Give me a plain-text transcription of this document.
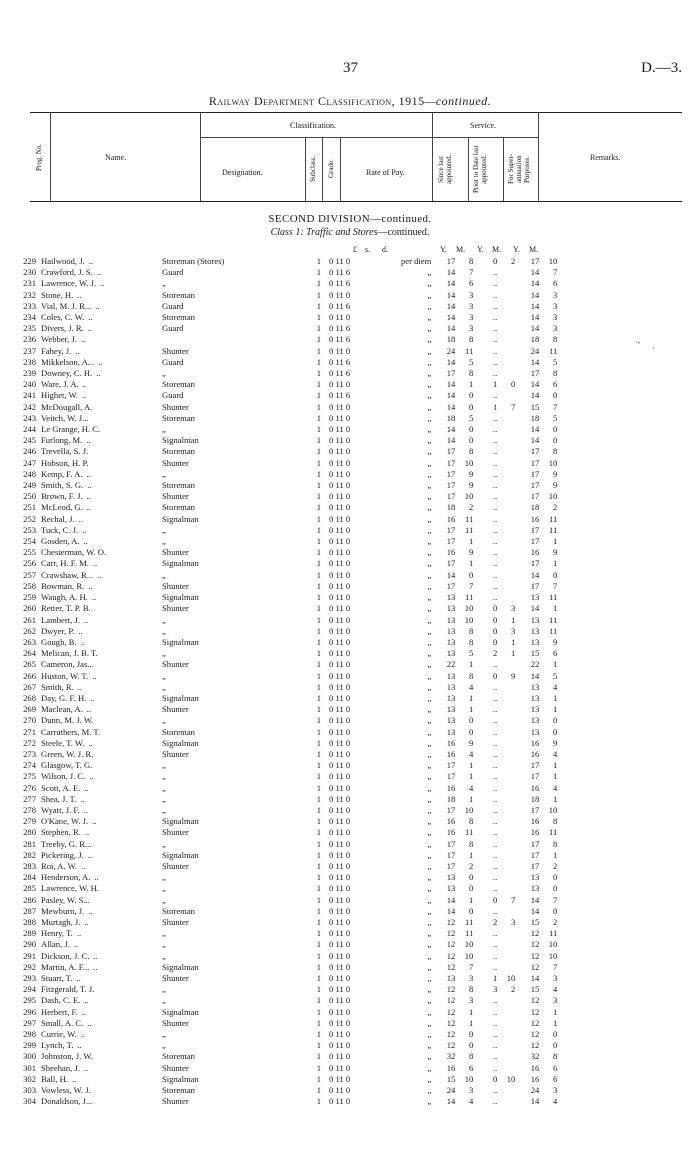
37	D.—3.
Railway Department Classification, 1915—continued.
Prog. No.	Name.
Classification.
Designation.	Subclass. Grade.	Rate of Pay.
Service.
Since last appointed.	Prior to Date last appointed.	For Super-annuation Purposes.	Remarks.
SECOND DIVISION—continued.
Class 1: Traffic and Stores—continued.
£ s. d.	Y. M. Y. M. Y. M.
229	Hailwood, J. ..	Storeman (Stores)		1	0 11 0	per diem		17	8		0	2		17	10
230	Crawford, J. S. ..	Guard		1	0 11 6	„		14	7		..			14	7
231	Lawrence, W. J. ..	„		1	0 11 6	„		14	6		..			14	6
232	Stone, H. ..	Storeman		1	0 11 0	„		14	3		..			14	3
233	Vial, M. J. R... ..	Guard		1	0 11 6	„		14	3		..			14	3
234	Coles, C. W. ..	Storeman		1	0 11 0	„		14	3		..			14	3
235	Divers, J. R. ..	Guard		1	0 11 6	„		14	3		..			14	3
236	Webber, J. ..			1	0 11 6	„		18	8		..			18	8
237	Fahey, J. ..	Shunter		1	0 11 0	„		24	11		..			24	11
238	Mikkelson, A... ..	Guard		1	0 11 6	„		14	5		..			14	5
239	Downey, C. H. ..	„		1	0 11 6	„		17	8		..			17	8
240	Ware, J. A. ..	Storeman		1	0 11 0	„		14	1		1	0		14	6
241	Highet, W. ..	Guard		1	0 11 6	„		14	0		..			14	0
242	McDougall, A.	Shunter		1	0 11 0	„		14	0		1	7		15	7
243	Veitch, W. J...	Storeman		1	0 11 0	„		18	5		..			18	5
244	Le Grange, H. C.	„		1	0 11 0	„		14	0		..			14	0
245	Furlong, M. ..	Signalman		1	0 11 0	„		14	0		..			14	0
246	Trevella, S. J.	Storeman		1	0 11 0	„		17	8		..			17	8
247	Hobson, H. P.	Shunter		1	0 11 0	„		17	10		..			17	10
248	Kemp, F. A. ..	„		1	0 11 0	„		17	9		..			17	9
249	Smith, S. G. ..	Storeman		1	0 11 0	„		17	9		..			17	9
250	Brown, F. J. ..	Shunter		1	0 11 0	„		17	10		..			17	10
251	McLeod, G. ..	Storeman		1	0 11 0	„		18	2		..			18	2
252	Rechal, J. ..	Signalman		1	0 11 0	„		16	11		..			16	11
253	Tuck, C. J. ..	„		1	0 11 0	„		17	11		..			17	11
254	Gosden, A. ..	„		1	0 11 0	„		17	1		..			17	1
255	Chesterman, W. O.	Shunter		1	0 11 0	„		16	9		..			16	9
256	Carr, H. F. M. ..	Signalman		1	0 11 0	„		17	1		..			17	1
257	Crawshaw, R... ..	„		1	0 11 0	„		14	0		..			14	0
258	Bowman, R. ..	Shunter		1	0 11 0	„		17	7		..			17	7
259	Waugh, A. H. ..	Signalman		1	0 11 0	„		13	11		..			13	11
260	Retter, T. P. B.	Shunter		1	0 11 0	„		13	10		0	3		14	1
261	Lambert, J. ..	„		1	0 11 0	„		13	10		0	1		13	11
262	Dwyer, P. ..	„		1	0 11 0	„		13	8		0	3		13	11
263	Gough, B. ..	Signalman		1	0 11 0	„		13	8		0	1		13	9
264	Melican, J. B. T.	„		1	0 11 0	„		13	5		2	1		15	6
265	Cameron, Jas...	Shunter		1	0 11 0	„		22	1		..			22	1
266	Huston, W. T. ..	„		1	0 11 0	„		13	8		0	9		14	5
267	Smith, R. ..	„		1	0 11 0	„		13	4		..			13	4
268	Day, G. F. H. ..	Signalman		1	0 11 0	„		13	1		..			13	1
269	Maclean, A. ..	Shunter		1	0 11 0	„		13	1		..			13	1
270	Dunn, M. J. W.	„		1	0 11 0	„		13	0		..			13	0
271	Carruthers, M. T.	Storeman		1	0 11 0	„		13	0		..			13	0
272	Steele, T. W. ..	Signalman		1	0 11 0	„		16	9		..			16	9
273	Green, W. J. R.	Shunter		1	0 11 0	„		16	4		..			16	4
274	Glasgow, T. G.	„		1	0 11 0	„		17	1		..			17	1
275	Wilson, J. C. ..	„		1	0 11 0	„		17	1		..			17	1
276	Scott, A. E. ..	„		1	0 11 0	„		16	4		..			16	4
277	Shea, J. T. ..	„		1	0 11 0	„		18	1		..			18	1
278	Wyatt, J. F. ..	„		1	0 11 0	„		17	10		..			17	10
279	O'Kane, W. J. ..	Signalman		1	0 11 0	„		16	8		..			16	8
280	Stephen, R. ..	Shunter		1	0 11 0	„		16	11		..			16	11
281	Treeby, G. R...	„		1	0 11 0	„		17	8		..			17	8
282	Pickering, J. ..	Signalman		1	0 11 0	„		17	1		..			17	1
283	Roi, A. W. ..	Shunter		1	0 11 0	„		17	2		..			17	2
284	Henderson, A. ..	„		1	0 11 0	„		13	0		..			13	0
285	Lawrence, W. H.	„		1	0 11 0	„		13	0		..			13	0
286	Pasley, W. S...	„		1	0 11 0	„		14	1		0	7		14	7
287	Mewburn, J. ..	Storeman		1	0 11 0	„		14	0		..			14	0
288	Murtagh, J. ..	Shunter		1	0 11 0	„		12	11		2	3		15	2
289	Henry, T. ..	„		1	0 11 0	„		12	11		..			12	11
290	Allan, J. ..	„		1	0 11 0	„		12	10		..			12	10
291	Dickson, J. C. ..	„		1	0 11 0	„		12	10		..			12	10
292	Martin, A. F... ..	Signalman		1	0 11 0	„		12	7		..			12	7
293	Stuart, T. ..	Shunter		1	0 11 0	„		13	3		1	10		14	3
294	Fitzgerald, T. J.	„		1	0 11 0	„		12	8		3	2		15	4
295	Dash, C. E. ..	„		1	0 11 0	„		12	3		..			12	3
296	Herbert, F. ..	Signalman		1	0 11 0	„		12	1		..			12	1
297	Small, A. C. ..	Shunter		1	0 11 0	„		12	1		..			12	1
298	Currie, W. ..	„		1	0 11 0	„		12	0		..			12	0
299	Lynch, T. ..	„		1	0 11 0	„		12	0		..			12	0
300	Johnston, J. W.	Storeman		1	0 11 0	„		32	8		..			32	8
301	Sheehan, J. ..	Shunter		1	0 11 0	„		16	6		..			16	6
302	Ball, H. ..	Signalman		1	0 11 0	„		15	10		0	10		16	6
303	Vowless, W. J.	Storeman		1	0 11 0	„		24	3		..			24	3
304	Donaldson, J...	Shunter		1	0 11 0	„		14	4		..			14	4
·-
'
